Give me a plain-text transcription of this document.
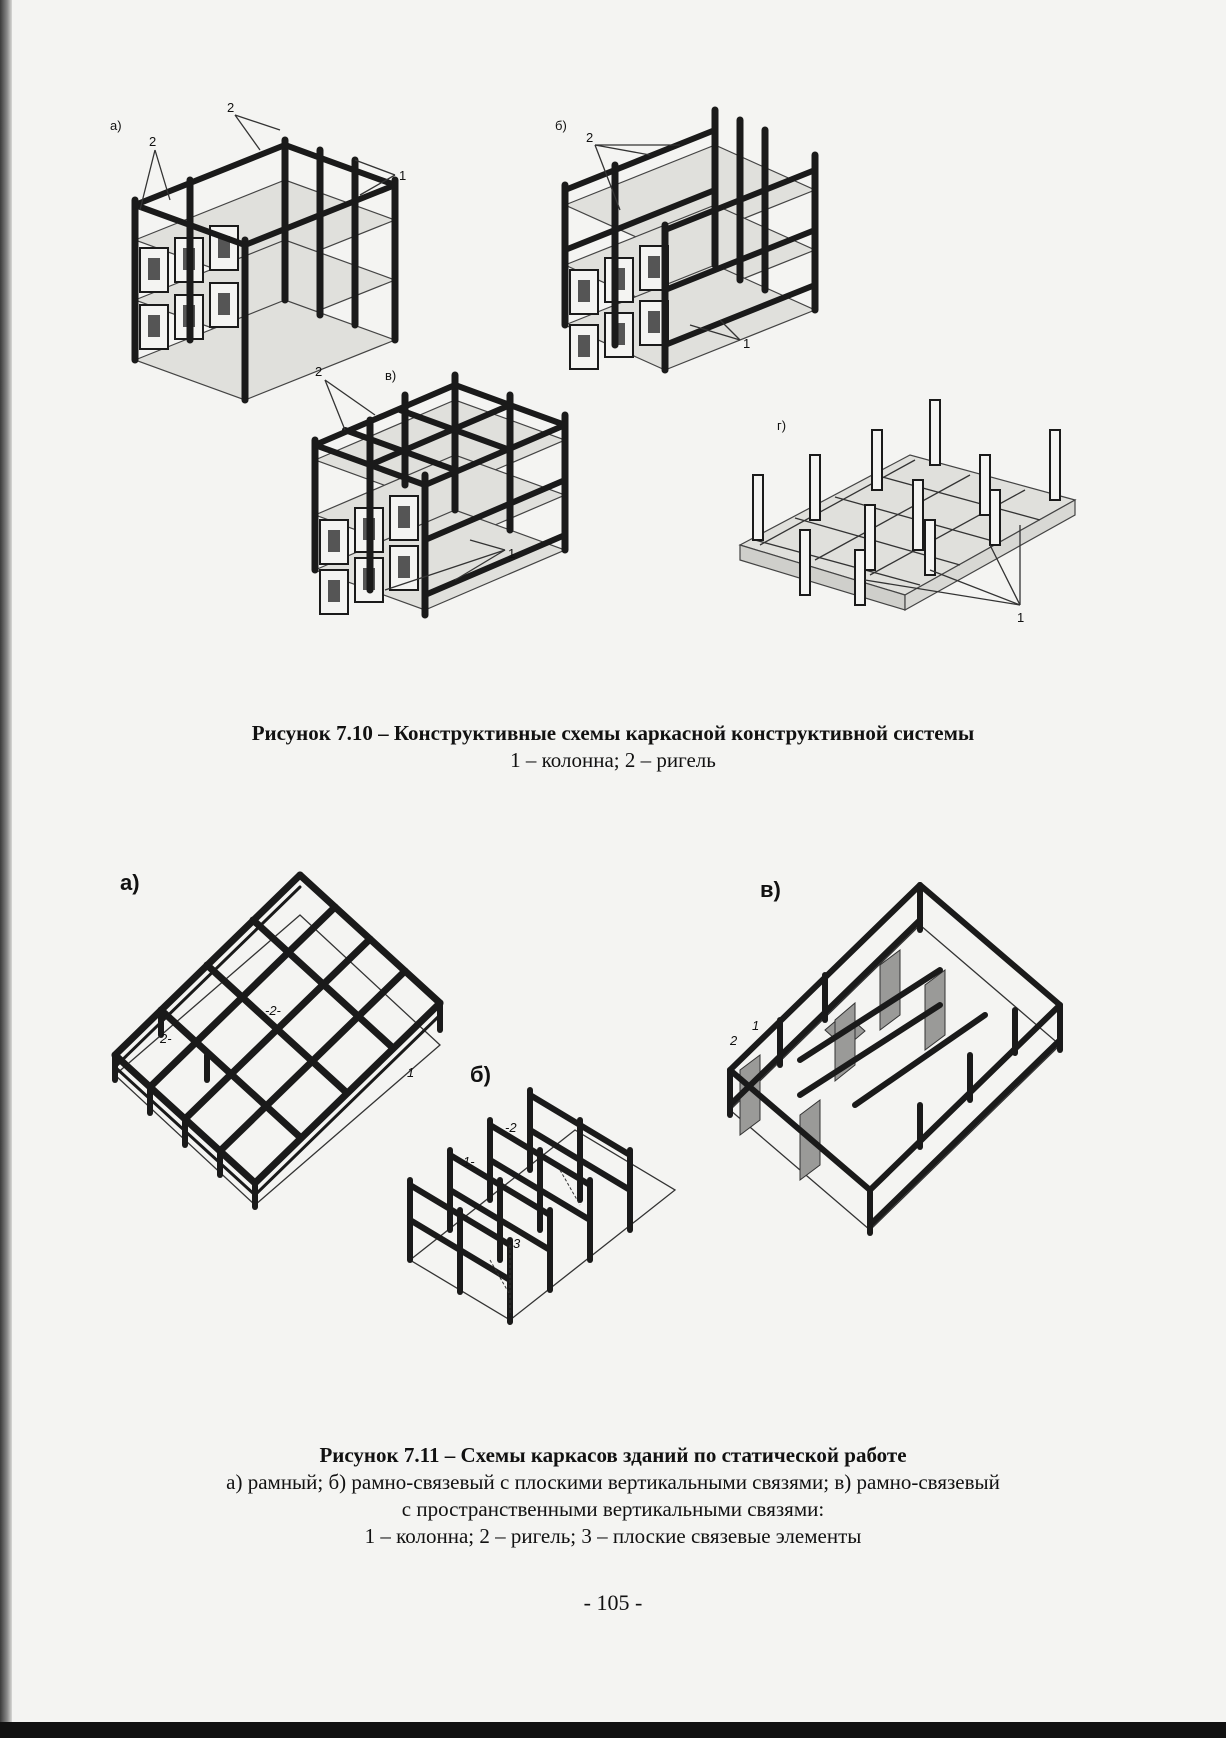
а)
2
2
1
б)
2
1
в)
2
1
г)
1
Рисунок 7.10 – Конструктивные схемы каркасной конструктивной системы
1 – колонна; 2 – ригель
а)
-2-
2-
1	б)
-2
1-
3
в)
1
2
Рисунок 7.11 – Схемы каркасов зданий по статической работе
а) рамный; б) рамно-связевый с плоскими вертикальными связями; в) рамно-связевый
с пространственными вертикальными связями:
1 – колонна; 2 – ригель; 3 – плоские связевые элементы
- 105 -
